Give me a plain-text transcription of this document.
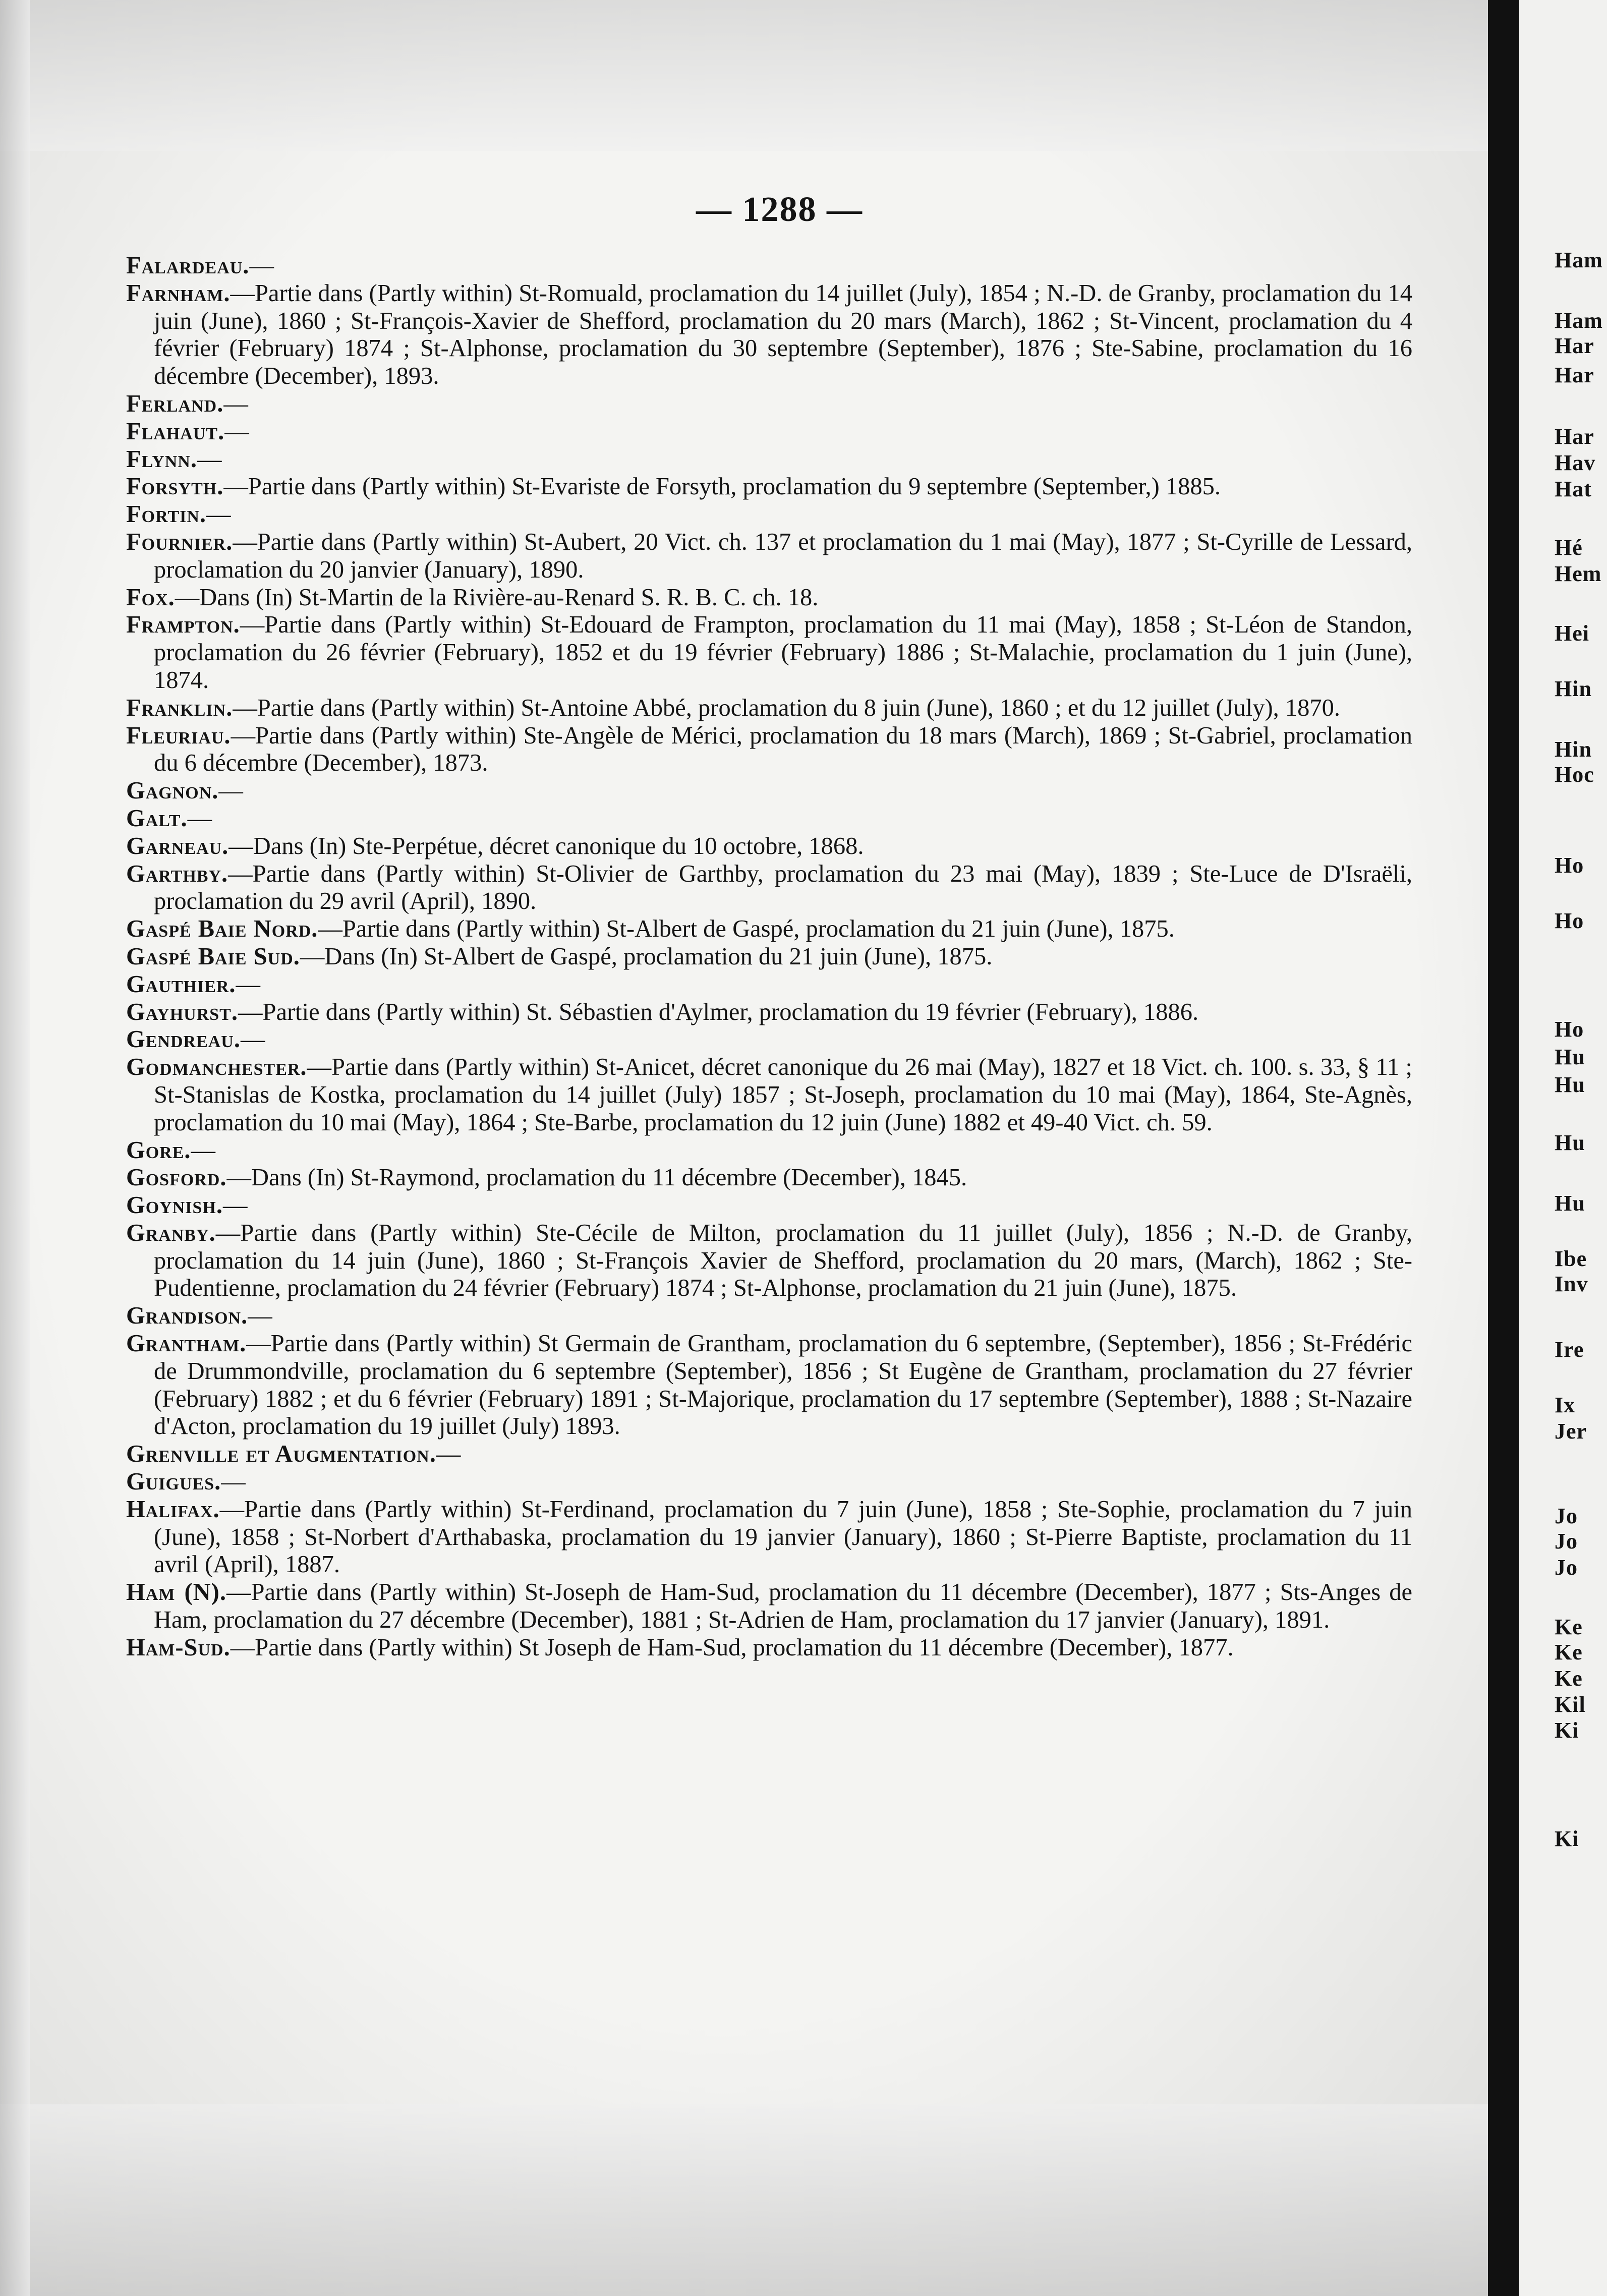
— 1288 —
Falardeau.—
Farnham.—Partie dans (Partly within) St-Romuald, proclamation du 14 juillet (July), 1854 ; N.-D. de Granby, proclamation du 14 juin (June), 1860 ; St-François-Xavier de Shefford, proclamation du 20 mars (March), 1862 ; St-Vincent, proclamation du 4 février (February) 1874 ; St-Alphonse, proclamation du 30 septembre (September), 1876 ; Ste-Sabine, proclamation du 16 décembre (December), 1893.
Ferland.—
Flahaut.—
Flynn.—
Forsyth.—Partie dans (Partly within) St-Evariste de Forsyth, proclamation du 9 septembre (September,) 1885.
Fortin.—
Fournier.—Partie dans (Partly within) St-Aubert, 20 Vict. ch. 137 et proclamation du 1 mai (May), 1877 ; St-Cyrille de Lessard, proclamation du 20 janvier (January), 1890.
Fox.—Dans (In) St-Martin de la Rivière-au-Renard S. R. B. C. ch. 18.
Frampton.—Partie dans (Partly within) St-Edouard de Frampton, proclamation du 11 mai (May), 1858 ; St-Léon de Standon, proclamation du 26 février (February), 1852 et du 19 février (February) 1886 ; St-Malachie, proclamation du 1 juin (June), 1874.
Franklin.—Partie dans (Partly within) St-Antoine Abbé, proclamation du 8 juin (June), 1860 ; et du 12 juillet (July), 1870.
Fleuriau.—Partie dans (Partly within) Ste-Angèle de Mérici, proclamation du 18 mars (March), 1869 ; St-Gabriel, proclamation du 6 décembre (December), 1873.
Gagnon.—
Galt.—
Garneau.—Dans (In) Ste-Perpétue, décret canonique du 10 octobre, 1868.
Garthby.—Partie dans (Partly within) St-Olivier de Garthby, proclamation du 23 mai (May), 1839 ; Ste-Luce de D'Israëli, proclamation du 29 avril (April), 1890.
Gaspé Baie Nord.—Partie dans (Partly within) St-Albert de Gaspé, proclamation du 21 juin (June), 1875.
Gaspé Baie Sud.—Dans (In) St-Albert de Gaspé, proclamation du 21 juin (June), 1875.
Gauthier.—
Gayhurst.—Partie dans (Partly within) St. Sébastien d'Aylmer, proclamation du 19 février (February), 1886.
Gendreau.—
Godmanchester.—Partie dans (Partly within) St-Anicet, décret canonique du 26 mai (May), 1827 et 18 Vict. ch. 100. s. 33, § 11 ; St-Stanislas de Kostka, proclamation du 14 juillet (July) 1857 ; St-Joseph, proclamation du 10 mai (May), 1864, Ste-Agnès, proclamation du 10 mai (May), 1864 ; Ste-Barbe, proclamation du 12 juin (June) 1882 et 49-40 Vict. ch. 59.
Gore.—
Gosford.—Dans (In) St-Raymond, proclamation du 11 décembre (December), 1845.
Goynish.—
Granby.—Partie dans (Partly within) Ste-Cécile de Milton, proclamation du 11 juillet (July), 1856 ; N.-D. de Granby, proclamation du 14 juin (June), 1860 ; St-François Xavier de Shefford, proclamation du 20 mars, (March), 1862 ; Ste-Pudentienne, proclamation du 24 février (February) 1874 ; St-Alphonse, proclamation du 21 juin (June), 1875.
Grandison.—
Grantham.—Partie dans (Partly within) St Germain de Grantham, proclamation du 6 septembre, (September), 1856 ; St-Frédéric de Drummondville, proclamation du 6 septembre (September), 1856 ; St Eugène de Grantham, proclamation du 27 février (February) 1882 ; et du 6 février (February) 1891 ; St-Majorique, proclamation du 17 septembre (September), 1888 ; St-Nazaire d'Acton, proclamation du 19 juillet (July) 1893.
Grenville et Augmentation.—
Guigues.—
Halifax.—Partie dans (Partly within) St-Ferdinand, proclamation du 7 juin (June), 1858 ; Ste-Sophie, proclamation du 7 juin (June), 1858 ; St-Norbert d'Arthabaska, proclamation du 19 janvier (January), 1860 ; St-Pierre Baptiste, proclamation du 11 avril (April), 1887.
Ham (N).—Partie dans (Partly within) St-Joseph de Ham-Sud, proclamation du 11 décembre (December), 1877 ; Sts-Anges de Ham, proclamation du 27 décembre (December), 1881 ; St-Adrien de Ham, proclamation du 17 janvier (January), 1891.
Ham-Sud.—Partie dans (Partly within) St Joseph de Ham-Sud, proclamation du 11 décembre (December), 1877.
Ham
Ham
Har
Har
Har
Hav
Hat
Hé
Hem
Hei
Hin
Hin
Hoc
Ho
Ho
Ho
Hu
Hu
Hu
Hu
Ibe
Inv
Ire
Ix
Jer
Jo
Jo
Jo
Ke
Ke
Ke
Kil
Ki
Ki
